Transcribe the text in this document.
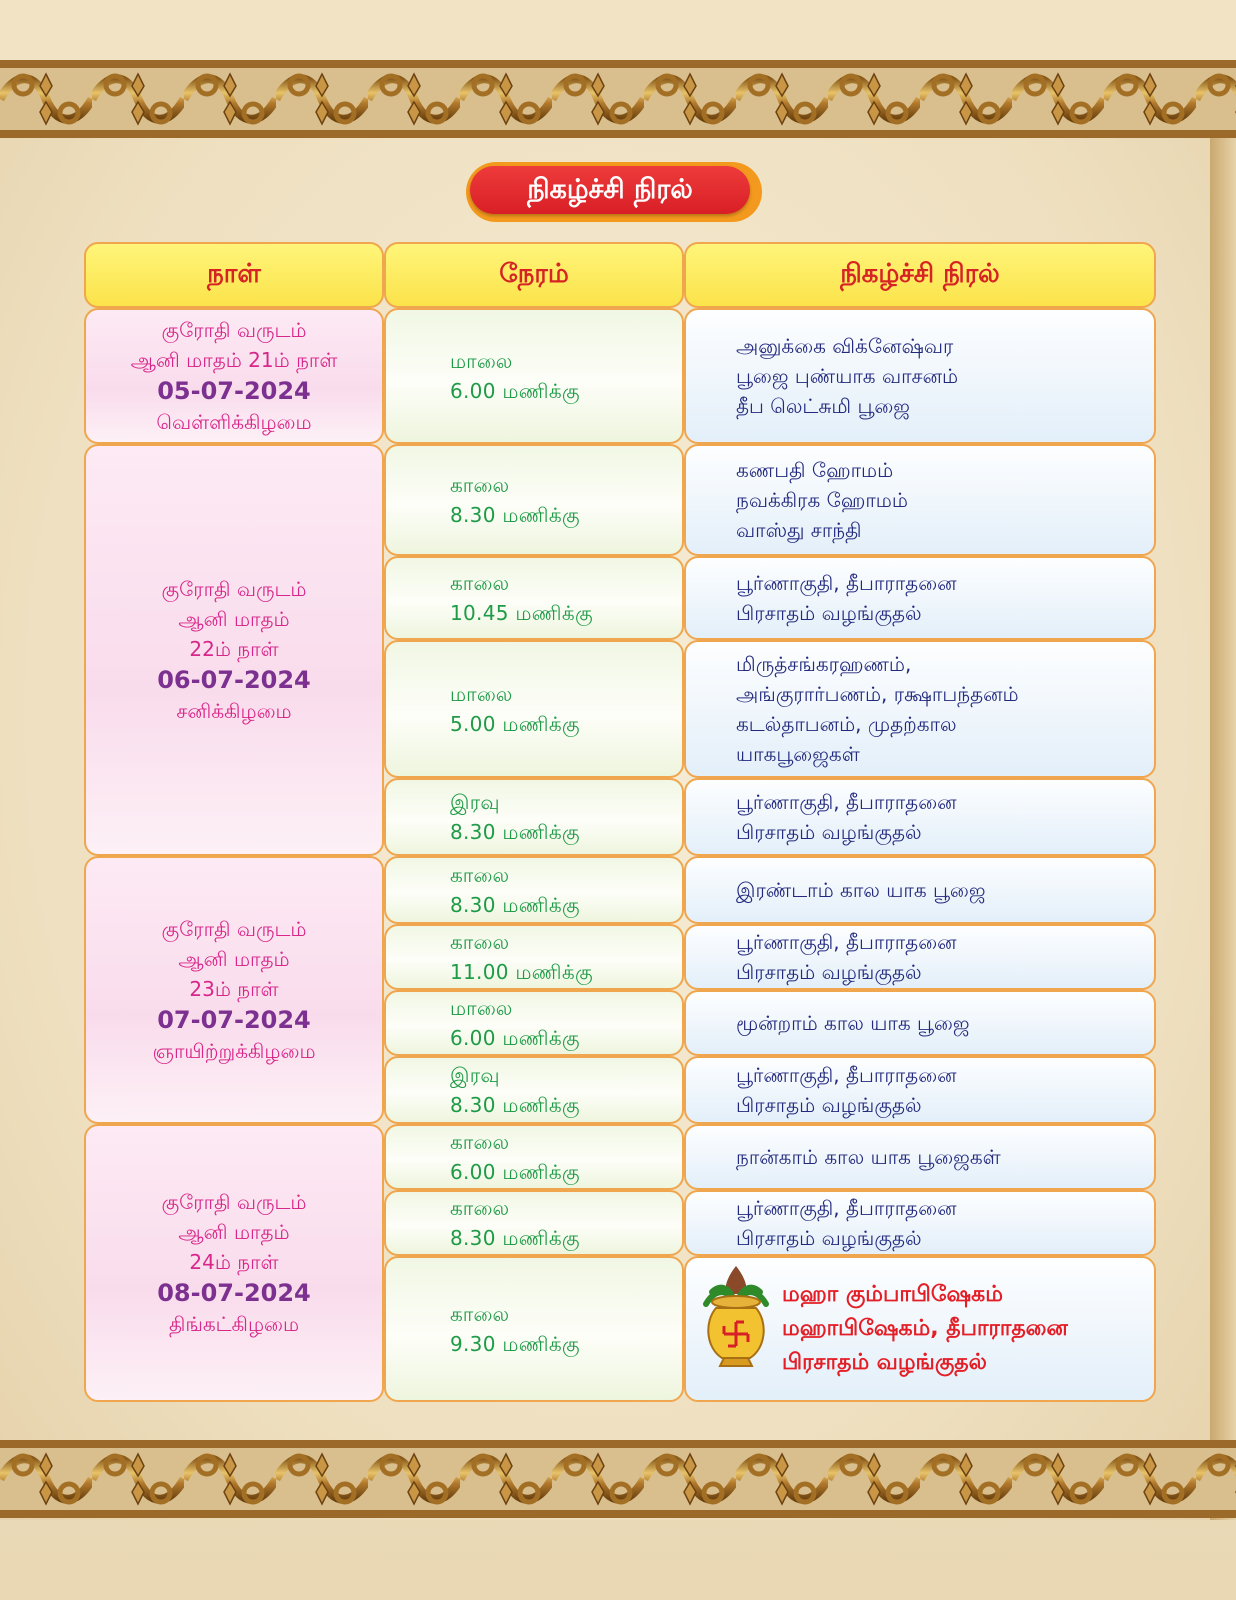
நிகழ்ச்சி நிரல்
நாள்	நேரம்	நிகழ்ச்சி நிரல்
குரோதி வருடம்
ஆனி மாதம் 21ம் நாள்
05-07-2024
வெள்ளிக்கிழமை
குரோதி வருடம்
ஆனி மாதம்
22ம் நாள்
06-07-2024
சனிக்கிழமை
குரோதி வருடம்
ஆனி மாதம்
23ம் நாள்
07-07-2024
ஞாயிற்றுக்கிழமை
குரோதி வருடம்
ஆனி மாதம்
24ம் நாள்
08-07-2024
திங்கட்கிழமை
மாலை
6.00 மணிக்கு
காலை
8.30 மணிக்கு
காலை
10.45 மணிக்கு
மாலை
5.00 மணிக்கு
இரவு
8.30 மணிக்கு
காலை
8.30 மணிக்கு
காலை
11.00 மணிக்கு
மாலை
6.00 மணிக்கு
இரவு
8.30 மணிக்கு
காலை
6.00 மணிக்கு
காலை
8.30 மணிக்கு
காலை
9.30 மணிக்கு
அனுக்கை விக்னேஷ்வர
பூஜை புண்யாக வாசனம்
தீப லெட்சுமி பூஜை
கணபதி ஹோமம்
நவக்கிரக ஹோமம்
வாஸ்து சாந்தி
பூர்ணாகுதி, தீபாராதனை
பிரசாதம் வழங்குதல்
மிருத்சங்கரஹணம்,
அங்குரார்பணம், ரக்ஷாபந்தனம்
கடல்தாபனம், முதற்கால
யாகபூஜைகள்
பூர்ணாகுதி, தீபாராதனை
பிரசாதம் வழங்குதல்
இரண்டாம் கால யாக பூஜை
பூர்ணாகுதி, தீபாராதனை
பிரசாதம் வழங்குதல்
மூன்றாம் கால யாக பூஜை
பூர்ணாகுதி, தீபாராதனை
பிரசாதம் வழங்குதல்
நான்காம் கால யாக பூஜைகள்
பூர்ணாகுதி, தீபாராதனை
பிரசாதம் வழங்குதல்
மஹா கும்பாபிஷேகம்
மஹாபிஷேகம், தீபாராதனை
பிரசாதம் வழங்குதல்
